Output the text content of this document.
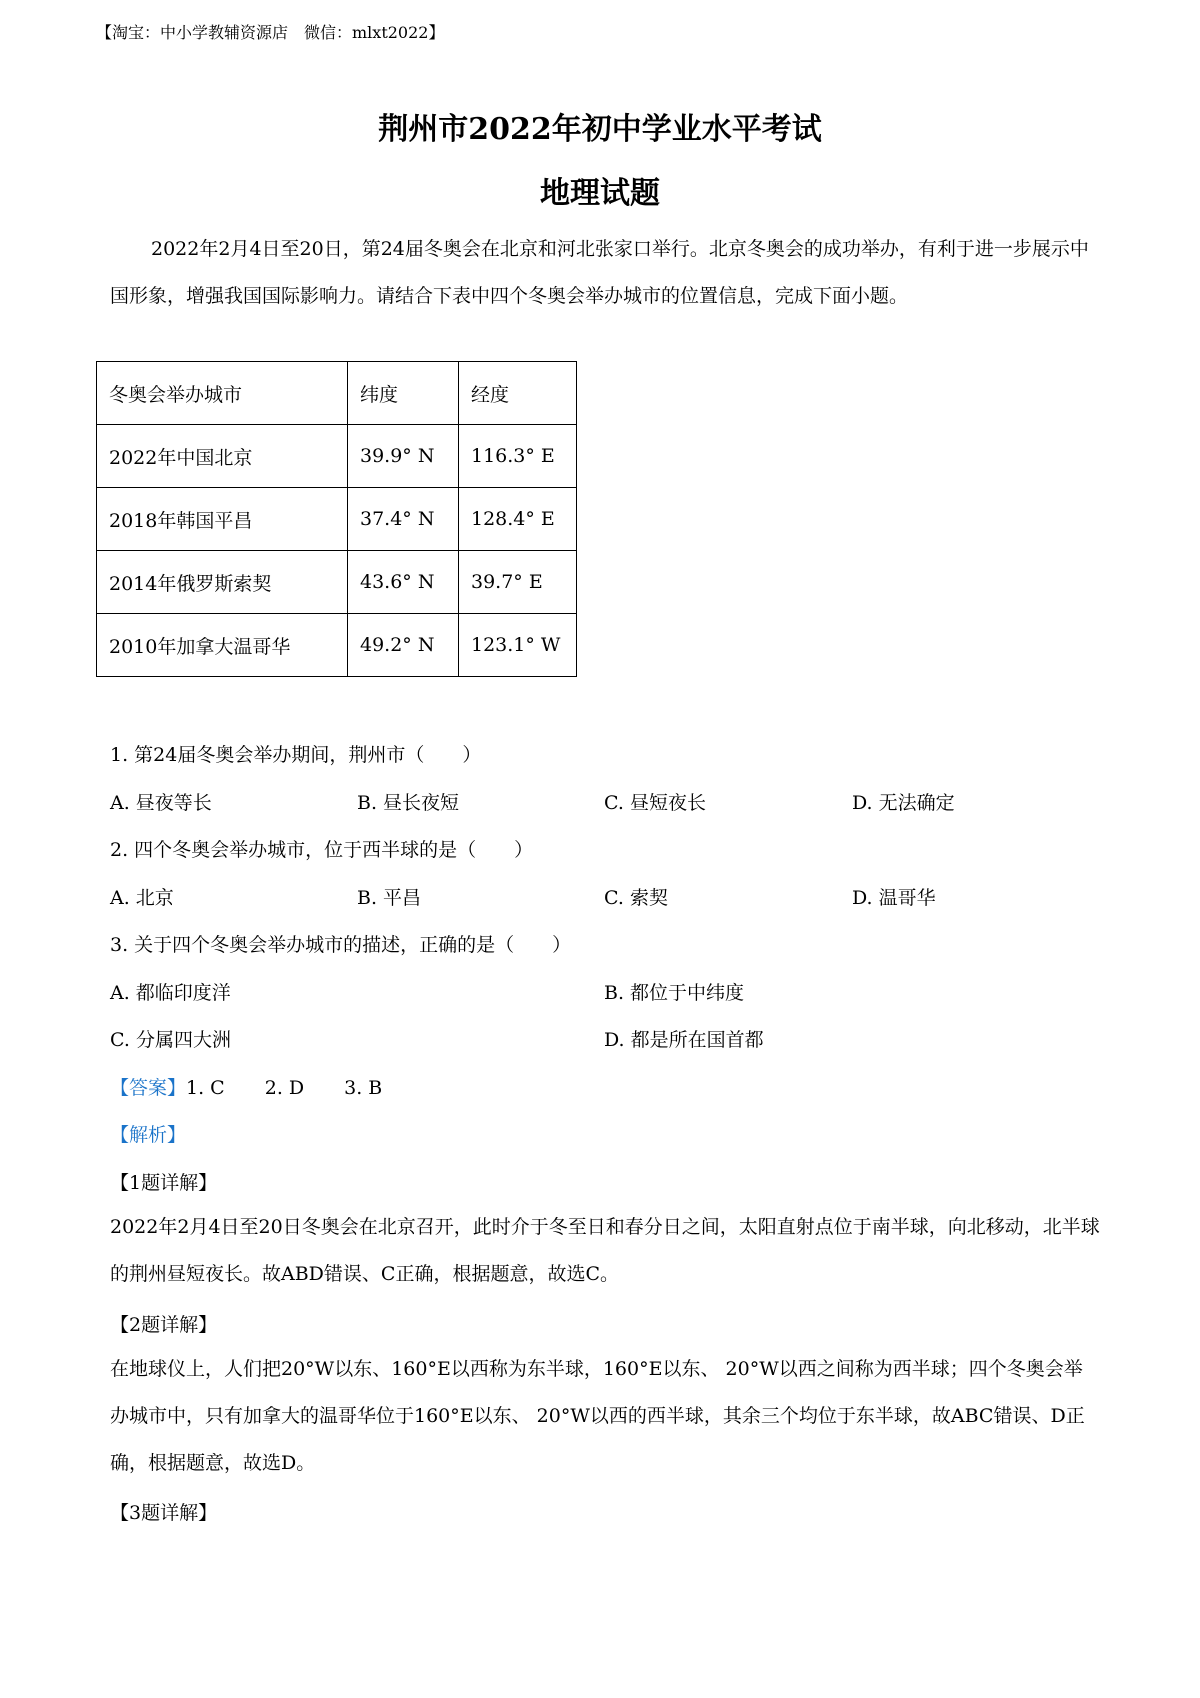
【淘宝：中小学教辅资源店　微信：mlxt2022】
荆州市2022年初中学业水平考试
地理试题
2022年2月4日至20日，第24届冬奥会在北京和河北张家口举行。北京冬奥会的成功举办，有利于进一步展示中国形象，增强我国国际影响力。请结合下表中四个冬奥会举办城市的位置信息，完成下面小题。
冬奥会举办城市	纬度	经度
2022年中国北京	39.9° N	116.3° E
2018年韩国平昌	37.4° N	128.4° E
2014年俄罗斯索契	43.6° N	39.7° E
2010年加拿大温哥华	49.2° N	123.1° W
1. 第24届冬奥会举办期间，荆州市（　　）
A. 昼夜等长	B. 昼长夜短	C. 昼短夜长	D. 无法确定
2. 四个冬奥会举办城市，位于西半球的是（　　）
A. 北京	B. 平昌	C. 索契	D. 温哥华
3. 关于四个冬奥会举办城市的描述，正确的是（　　）
A. 都临印度洋	B. 都位于中纬度
C. 分属四大洲	D. 都是所在国首都
【答案】1. C 2. D 3. B
【解析】
【1题详解】
2022年2月4日至20日冬奥会在北京召开，此时介于冬至日和春分日之间，太阳直射点位于南半球，向北移动，北半球的荆州昼短夜长。故ABD错误、C正确，根据题意，故选C。
【2题详解】
在地球仪上，人们把20°W以东、160°E以西称为东半球，160°E以东、 20°W以西之间称为西半球；四个冬奥会举办城市中，只有加拿大的温哥华位于160°E以东、 20°W以西的西半球，其余三个均位于东半球，故ABC错误、D正确，根据题意，故选D。
【3题详解】
